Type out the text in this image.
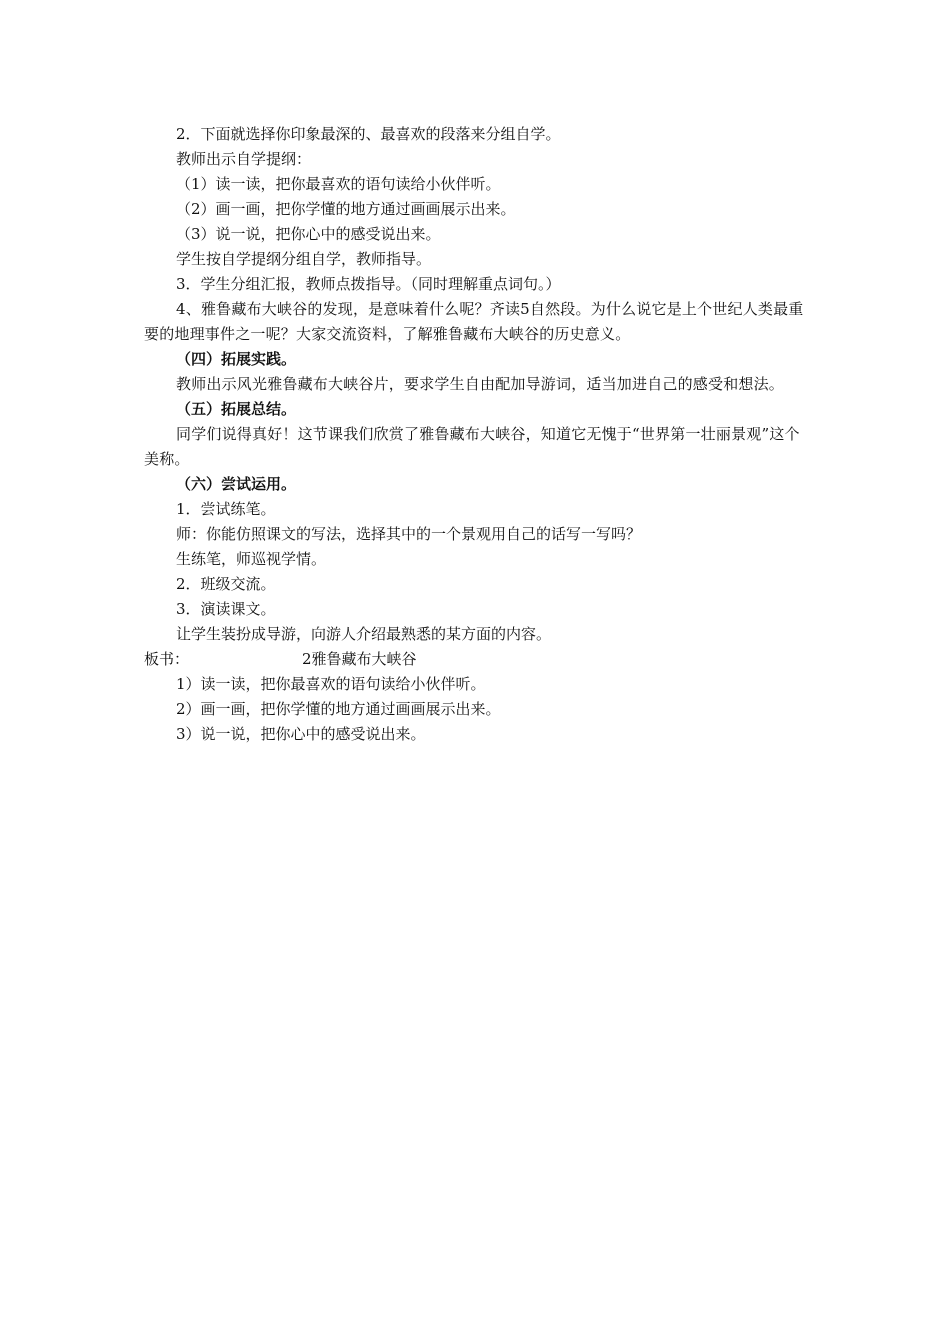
2．下面就选择你印象最深的、最喜欢的段落来分组自学。
教师出示自学提纲：
（1）读一读，把你最喜欢的语句读给小伙伴听。
（2）画一画，把你学懂的地方通过画画展示出来。
（3）说一说，把你心中的感受说出来。
学生按自学提纲分组自学，教师指导。
3．学生分组汇报，教师点拨指导。（同时理解重点词句。）
4、雅鲁藏布大峡谷的发现，是意味着什么呢？齐读5自然段。为什么说它是上个世纪人类最重要的地理事件之一呢？大家交流资料，了解雅鲁藏布大峡谷的历史意义。
（四）拓展实践。
教师出示风光雅鲁藏布大峡谷片，要求学生自由配加导游词，适当加进自己的感受和想法。
（五）拓展总结。
同学们说得真好！这节课我们欣赏了雅鲁藏布大峡谷，知道它无愧于“世界第一壮丽景观”这个美称。
（六）尝试运用。
1．尝试练笔。
师：你能仿照课文的写法，选择其中的一个景观用自己的话写一写吗？
生练笔，师巡视学情。
2．班级交流。
3．演读课文。
让学生装扮成导游，向游人介绍最熟悉的某方面的内容。
板书：	2雅鲁藏布大峡谷
1）读一读，把你最喜欢的语句读给小伙伴听。
2）画一画，把你学懂的地方通过画画展示出来。
3）说一说，把你心中的感受说出来。
